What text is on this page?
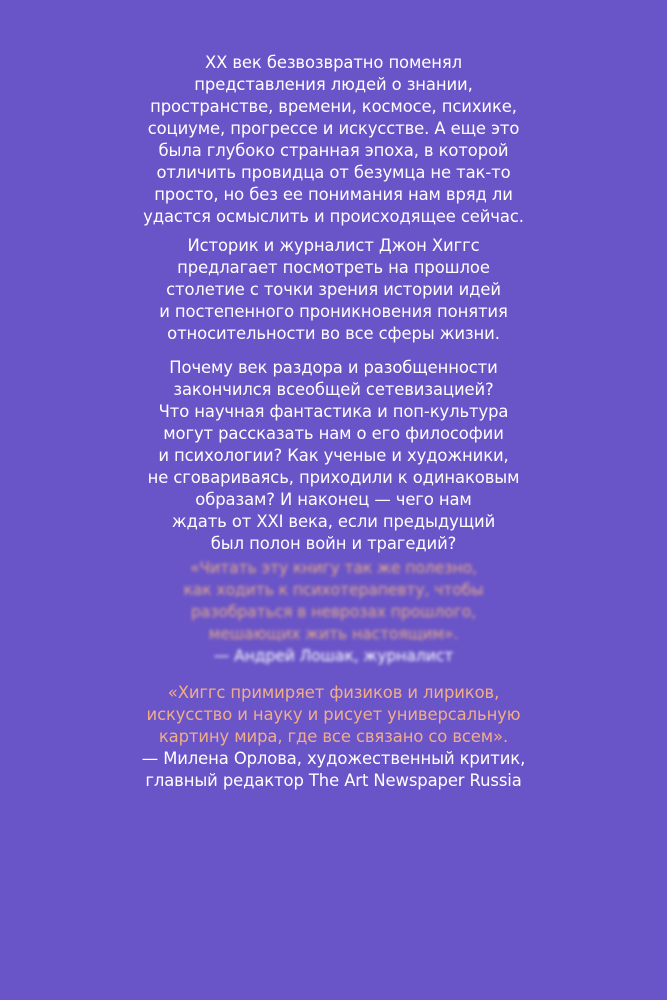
XX век безвозвратно поменял
представления людей о знании,
пространстве, времени, космосе, психике,
социуме, прогрессе и искусстве. А еще это
была глубоко странная эпоха, в которой
отличить провидца от безумца не так-то
просто, но без ее понимания нам вряд ли
удастся осмыслить и происходящее сейчас.
Историк и журналист Джон Хиггс
предлагает посмотреть на прошлое
столетие с точки зрения истории идей
и постепенного проникновения понятия
относительности во все сферы жизни.
Почему век раздора и разобщенности
закончился всеобщей сетевизацией?
Что научная фантастика и поп-культура
могут рассказать нам о его философии
и психологии? Как ученые и художники,
не сговариваясь, приходили к одинаковым
образам? И наконец — чего нам
ждать от XXI века, если предыдущий
был полон войн и трагедий?
«Читать эту книгу так же полезно,
как ходить к психотерапевту, чтобы
разобраться в неврозах прошлого,
мешающих жить настоящим».
— Андрей Лошак, журналист
«Хиггс примиряет физиков и лириков,
искусство и науку и рисует универсальную
картину мира, где все связано со всем».
— Милена Орлова, художественный критик,
главный редактор The Art Newspaper Russia
